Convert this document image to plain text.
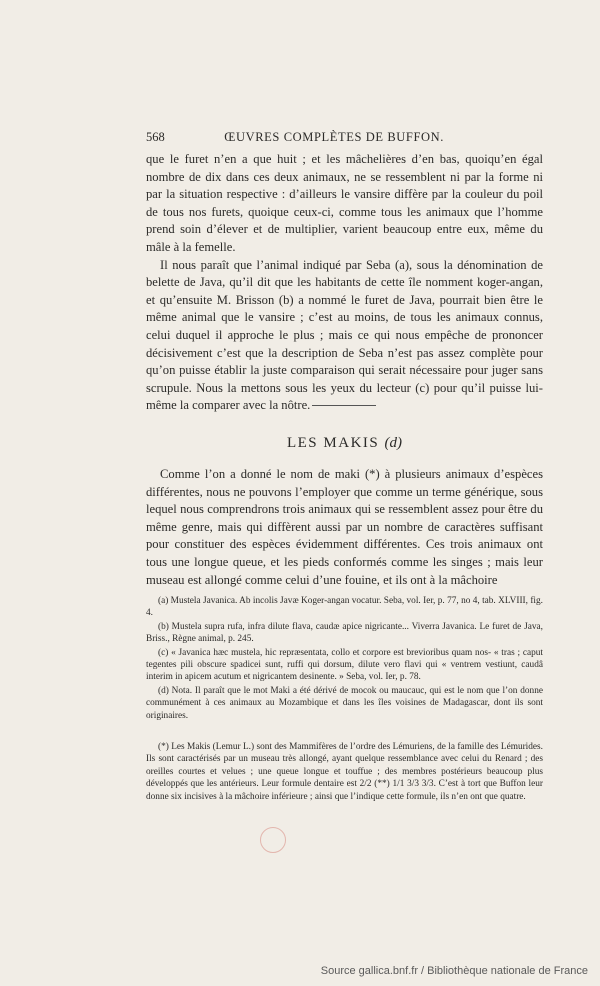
568	ŒUVRES COMPLÈTES DE BUFFON.

que le furet n’en a que huit ; et les mâchelières d’en bas, quoiqu’en égal nombre de dix dans ces deux animaux, ne se ressemblent ni par la forme ni par la situation respective : d’ailleurs le vansire diffère par la couleur du poil de tous nos furets, quoique ceux-ci, comme tous les animaux que l’homme prend soin d’élever et de multiplier, varient beaucoup entre eux, même du mâle à la femelle.

Il nous paraît que l’animal indiqué par Seba (a), sous la dénomination de belette de Java, qu’il dit que les habitants de cette île nomment koger-angan, et qu’ensuite M. Brisson (b) a nommé le furet de Java, pourrait bien être le même animal que le vansire ; c’est au moins, de tous les animaux connus, celui duquel il approche le plus ; mais ce qui nous empêche de prononcer décisivement c’est que la description de Seba n’est pas assez complète pour qu’on puisse établir la juste comparaison qui serait nécessaire pour juger sans scrupule. Nous la mettons sous les yeux du lecteur (c) pour qu’il puisse lui-même la comparer avec la nôtre.

LES MAKIS (d)

Comme l’on a donné le nom de maki (*) à plusieurs animaux d’espèces différentes, nous ne pouvons l’employer que comme un terme générique, sous lequel nous comprendrons trois animaux qui se ressemblent assez pour être du même genre, mais qui diffèrent aussi par un nombre de caractères suffisant pour constituer des espèces évidemment différentes. Ces trois animaux ont tous une longue queue, et les pieds conformés comme les singes ; mais leur museau est allongé comme celui d’une fouine, et ils ont à la mâchoire

(a) Mustela Javanica. Ab incolis Javæ Koger-angan vocatur. Seba, vol. Ier, p. 77, no 4, tab. XLVIII, fig. 4.

(b) Mustela supra rufa, infra dilute flava, caudæ apice nigricante... Viverra Javanica. Le furet de Java, Briss., Règne animal, p. 245.

(c) « Javanica hæc mustela, hic repræsentata, collo et corpore est brevioribus quam nos- « tras ; caput tegentes pili obscure spadicei sunt, ruffi qui dorsum, dilute vero flavi qui « ventrem vestiunt, caudâ interim in apicem acutum et nigricantem desinente. » Seba, vol. Ier, p. 78.

(d) Nota. Il paraît que le mot Maki a été dérivé de mocok ou maucauc, qui est le nom que l’on donne communément à ces animaux au Mozambique et dans les îles voisines de Madagascar, dont ils sont originaires.

(*) Les Makis (Lemur L.) sont des Mammifères de l’ordre des Lémuriens, de la famille des Lémurides. Ils sont caractérisés par un museau très allongé, ayant quelque ressemblance avec celui du Renard ; des oreilles courtes et velues ; une queue longue et touffue ; des membres postérieurs beaucoup plus développés que les antérieurs. Leur formule dentaire est 2/2 (**) 1/1 3/3 3/3. C’est à tort que Buffon leur donne six incisives à la mâchoire inférieure ; ainsi que l’indique cette formule, ils n’en ont que quatre.

Source gallica.bnf.fr / Bibliothèque nationale de France
